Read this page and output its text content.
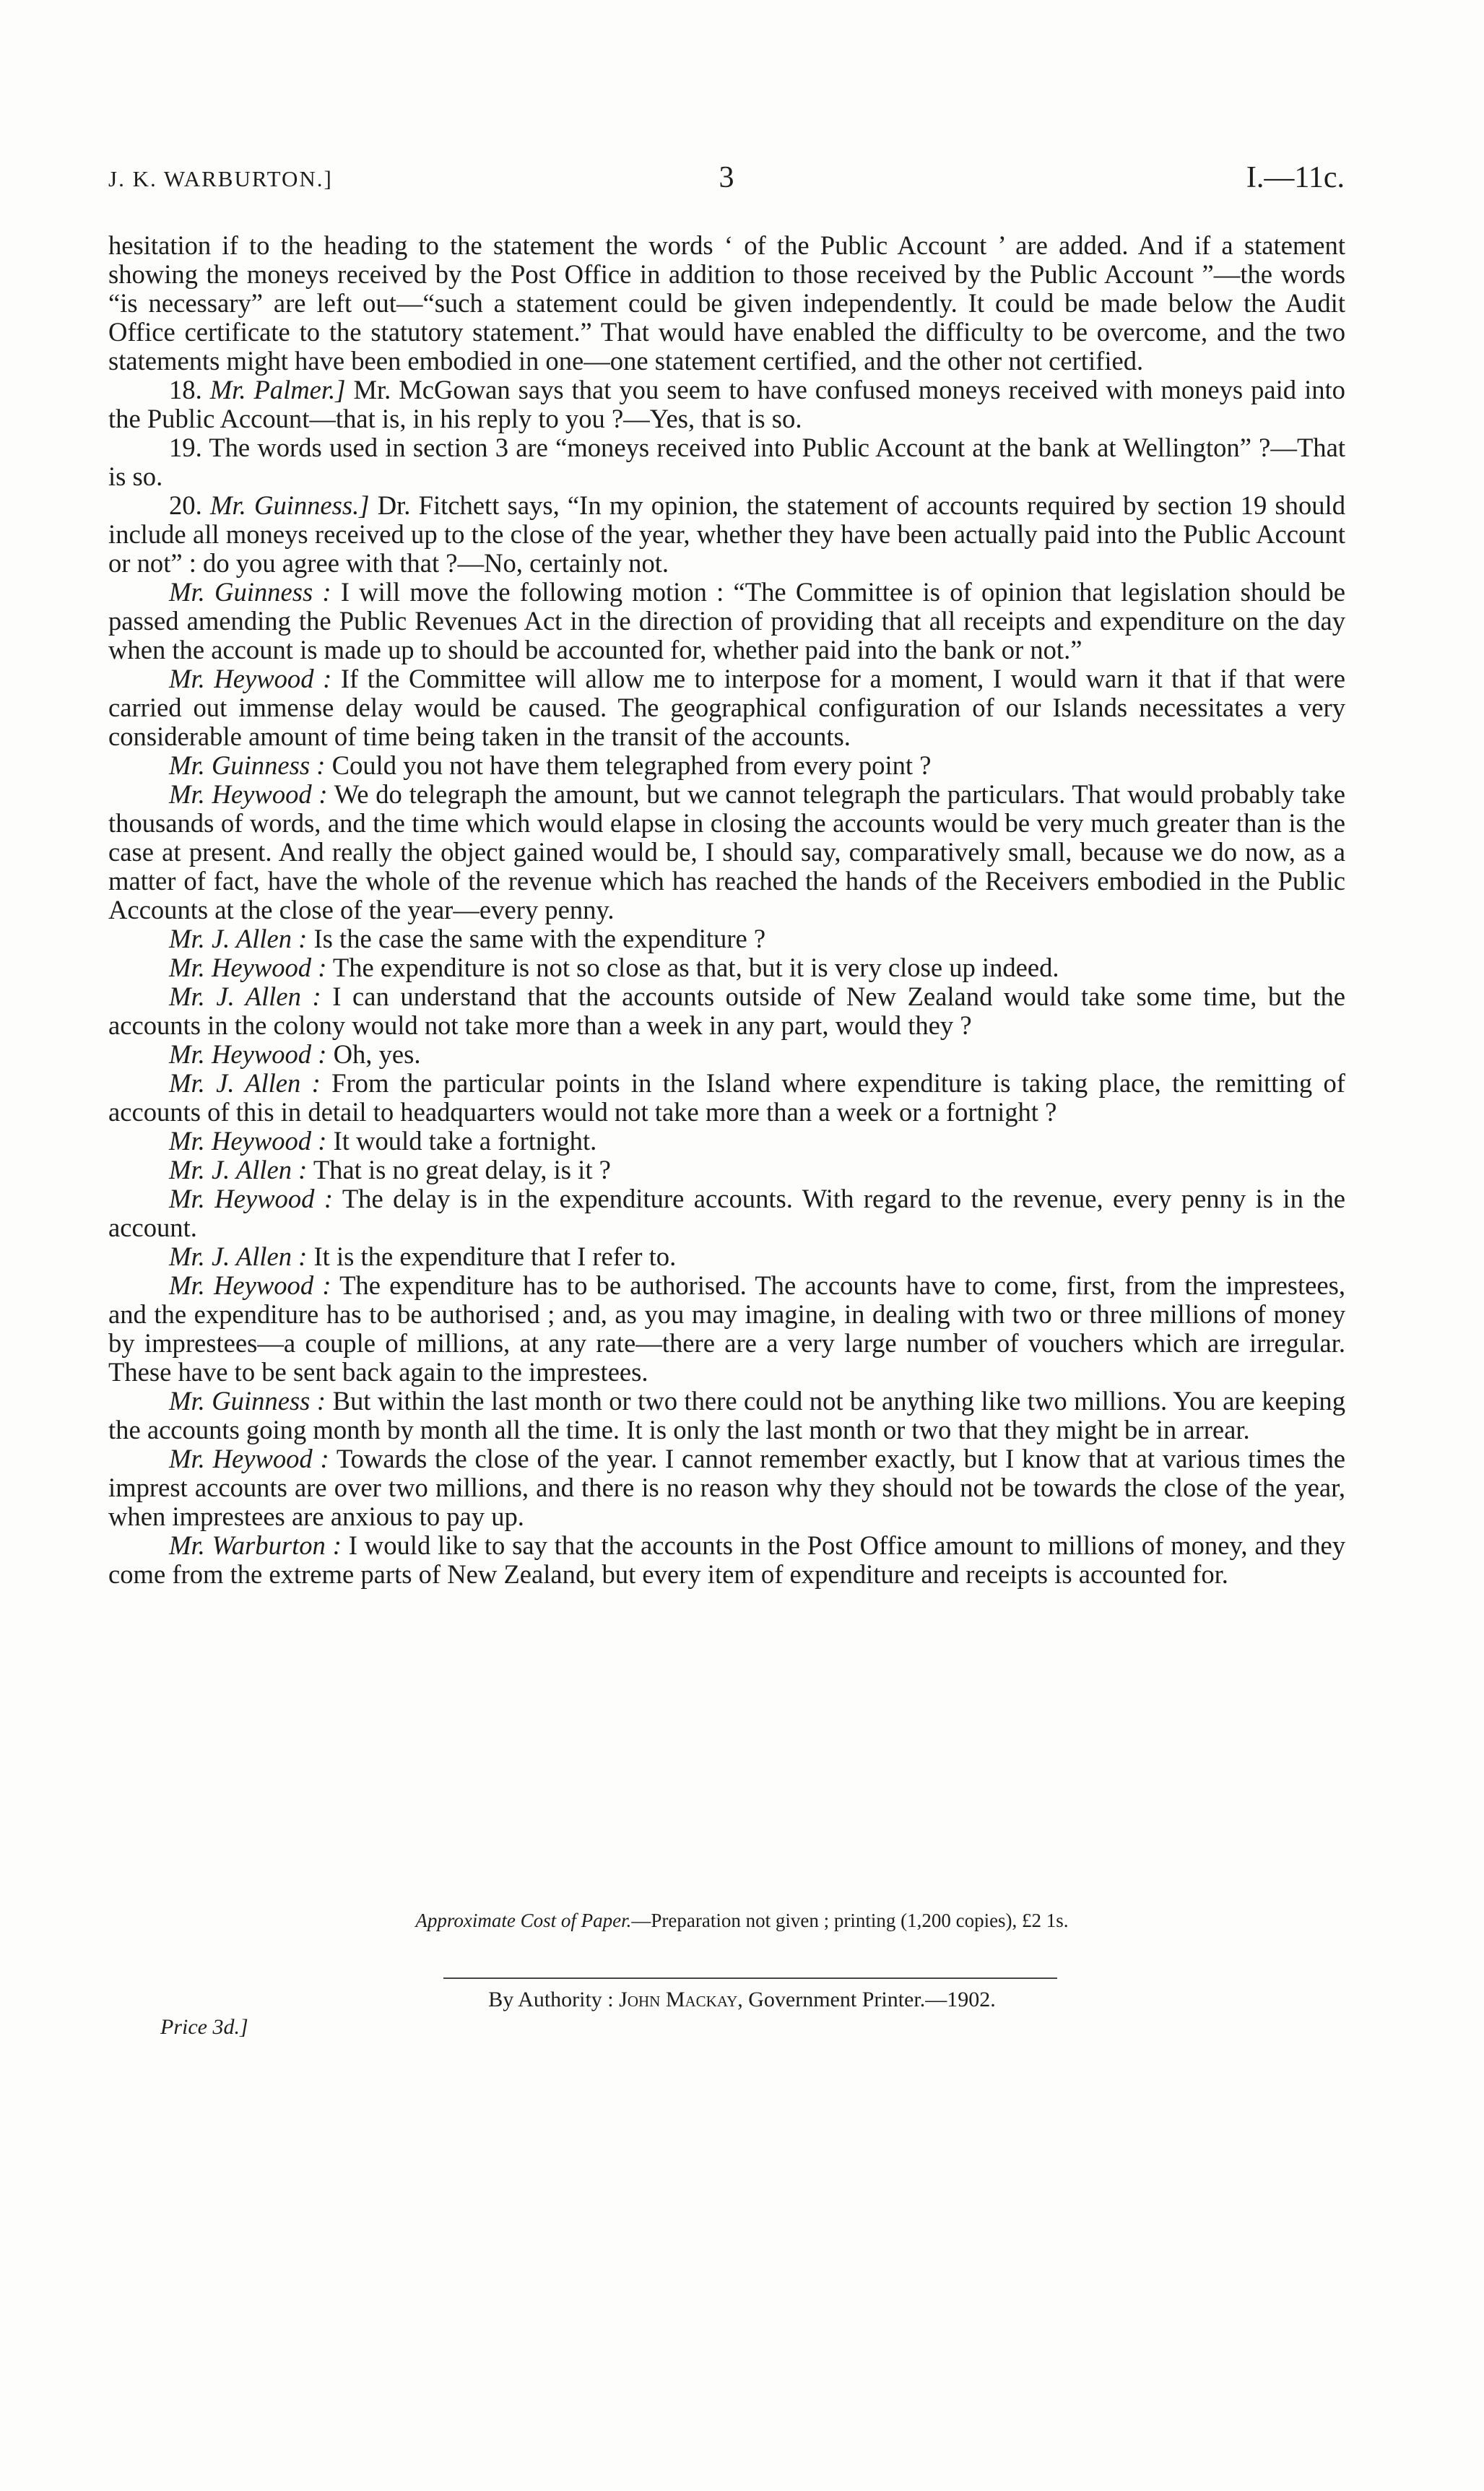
J. K. WARBURTON.]	3	I.—11c.

hesitation if to the heading to the statement the words ‘ of the Public Account ’ are added. And if a statement showing the moneys received by the Post Office in addition to those received by the Public Account ”—the words “is necessary” are left out—“such a statement could be given independently. It could be made below the Audit Office certificate to the statutory statement.” That would have enabled the difficulty to be overcome, and the two statements might have been embodied in one—one statement certified, and the other not certified.

18. Mr. Palmer.] Mr. McGowan says that you seem to have confused moneys received with moneys paid into the Public Account—that is, in his reply to you ?—Yes, that is so.

19. The words used in section 3 are “moneys received into Public Account at the bank at Wellington” ?—That is so.

20. Mr. Guinness.] Dr. Fitchett says, “In my opinion, the statement of accounts required by section 19 should include all moneys received up to the close of the year, whether they have been actually paid into the Public Account or not” : do you agree with that ?—No, certainly not.

Mr. Guinness : I will move the following motion : “The Committee is of opinion that legislation should be passed amending the Public Revenues Act in the direction of providing that all receipts and expenditure on the day when the account is made up to should be accounted for, whether paid into the bank or not.”

Mr. Heywood : If the Committee will allow me to interpose for a moment, I would warn it that if that were carried out immense delay would be caused. The geographical configuration of our Islands necessitates a very considerable amount of time being taken in the transit of the accounts.

Mr. Guinness : Could you not have them telegraphed from every point ?

Mr. Heywood : We do telegraph the amount, but we cannot telegraph the particulars. That would probably take thousands of words, and the time which would elapse in closing the accounts would be very much greater than is the case at present. And really the object gained would be, I should say, comparatively small, because we do now, as a matter of fact, have the whole of the revenue which has reached the hands of the Receivers embodied in the Public Accounts at the close of the year—every penny.

Mr. J. Allen : Is the case the same with the expenditure ?

Mr. Heywood : The expenditure is not so close as that, but it is very close up indeed.

Mr. J. Allen : I can understand that the accounts outside of New Zealand would take some time, but the accounts in the colony would not take more than a week in any part, would they ?

Mr. Heywood : Oh, yes.

Mr. J. Allen : From the particular points in the Island where expenditure is taking place, the remitting of accounts of this in detail to headquarters would not take more than a week or a fortnight ?

Mr. Heywood : It would take a fortnight.

Mr. J. Allen : That is no great delay, is it ?

Mr. Heywood : The delay is in the expenditure accounts. With regard to the revenue, every penny is in the account.

Mr. J. Allen : It is the expenditure that I refer to.

Mr. Heywood : The expenditure has to be authorised. The accounts have to come, first, from the imprestees, and the expenditure has to be authorised ; and, as you may imagine, in dealing with two or three millions of money by imprestees—a couple of millions, at any rate—there are a very large number of vouchers which are irregular. These have to be sent back again to the imprestees.

Mr. Guinness : But within the last month or two there could not be anything like two millions. You are keeping the accounts going month by month all the time. It is only the last month or two that they might be in arrear.

Mr. Heywood : Towards the close of the year. I cannot remember exactly, but I know that at various times the imprest accounts are over two millions, and there is no reason why they should not be towards the close of the year, when imprestees are anxious to pay up.

Mr. Warburton : I would like to say that the accounts in the Post Office amount to millions of money, and they come from the extreme parts of New Zealand, but every item of expenditure and receipts is accounted for.

Approximate Cost of Paper.—Preparation not given ; printing (1,200 copies), £2 1s.
By Authority : John Mackay, Government Printer.—1902.
Price 3d.]
